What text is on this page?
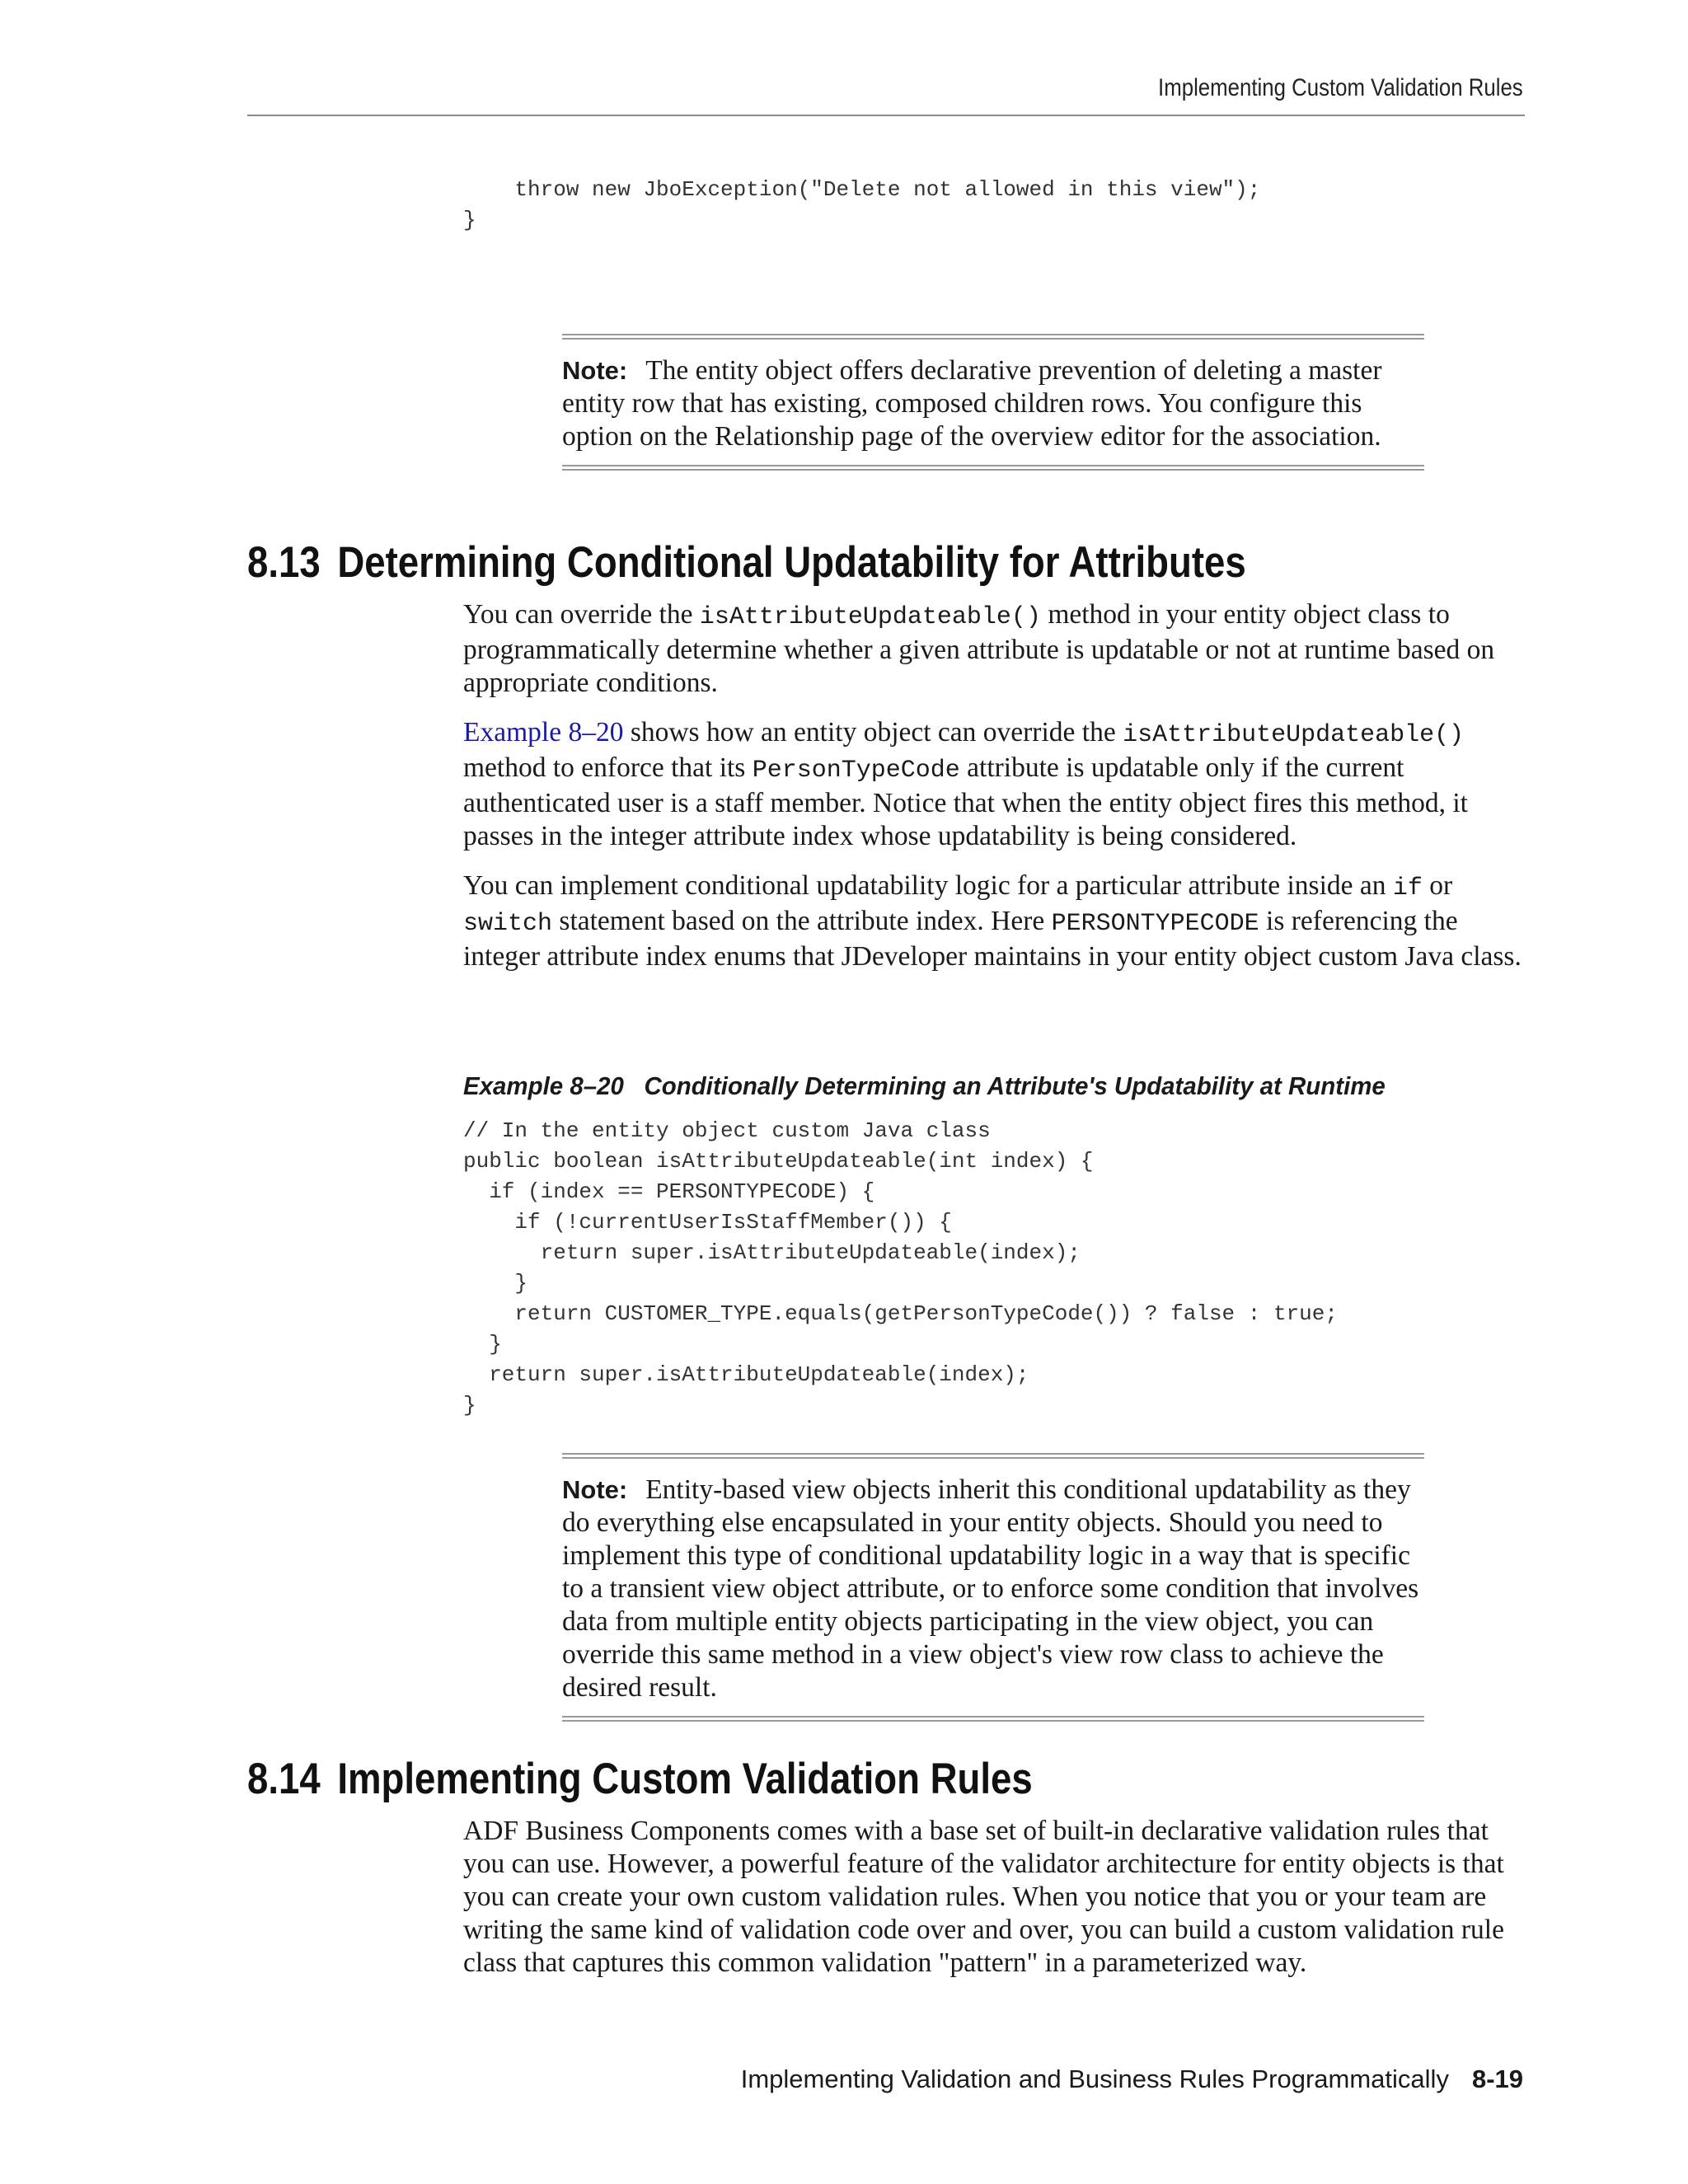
Implementing Custom Validation Rules
throw new JboException("Delete not allowed in this view");
}
Note: The entity object offers declarative prevention of deleting a master entity row that has existing, composed children rows. You configure this option on the Relationship page of the overview editor for the association.
8.13 Determining Conditional Updatability for Attributes

You can override the isAttributeUpdateable() method in your entity object class to programmatically determine whether a given attribute is updatable or not at runtime based on appropriate conditions.

Example 8–20 shows how an entity object can override the isAttributeUpdateable() method to enforce that its PersonTypeCode attribute is updatable only if the current authenticated user is a staff member. Notice that when the entity object fires this method, it passes in the integer attribute index whose updatability is being considered.

You can implement conditional updatability logic for a particular attribute inside an if or switch statement based on the attribute index. Here PERSONTYPECODE is referencing the integer attribute index enums that JDeveloper maintains in your entity object custom Java class.

Example 8–20 Conditionally Determining an Attribute's Updatability at Runtime
// In the entity object custom Java class
public boolean isAttributeUpdateable(int index) {
if (index == PERSONTYPECODE) {
if (!currentUserIsStaffMember()) {
return super.isAttributeUpdateable(index);
}
return CUSTOMER_TYPE.equals(getPersonTypeCode()) ? false : true;
}
return super.isAttributeUpdateable(index);
}
Note: Entity-based view objects inherit this conditional updatability as they do everything else encapsulated in your entity objects. Should you need to implement this type of conditional updatability logic in a way that is specific to a transient view object attribute, or to enforce some condition that involves data from multiple entity objects participating in the view object, you can override this same method in a view object's view row class to achieve the desired result.
8.14 Implementing Custom Validation Rules

ADF Business Components comes with a base set of built-in declarative validation rules that you can use. However, a powerful feature of the validator architecture for entity objects is that you can create your own custom validation rules. When you notice that you or your team are writing the same kind of validation code over and over, you can build a custom validation rule class that captures this common validation "pattern" in a parameterized way.

Implementing Validation and Business Rules Programmatically 8-19
